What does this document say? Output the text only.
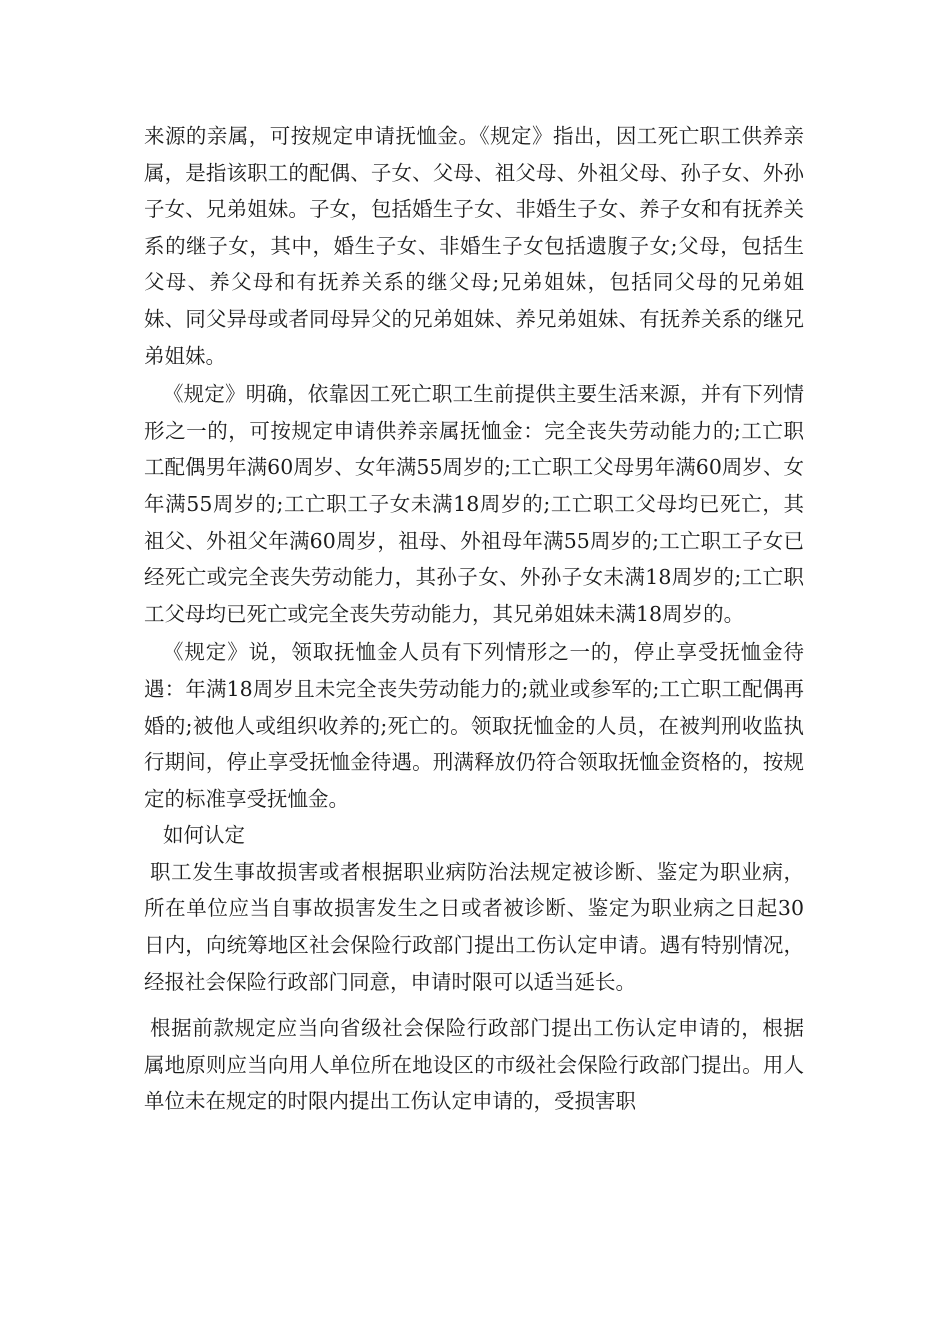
来源的亲属，可按规定申请抚恤金。《规定》指出，因工死亡职工供养亲属，是指该职工的配偶、子女、父母、祖父母、外祖父母、孙子女、外孙子女、兄弟姐妹。子女，包括婚生子女、非婚生子女、养子女和有抚养关系的继子女，其中，婚生子女、非婚生子女包括遗腹子女;父母，包括生父母、养父母和有抚养关系的继父母;兄弟姐妹，包括同父母的兄弟姐妹、同父异母或者同母异父的兄弟姐妹、养兄弟姐妹、有抚养关系的继兄弟姐妹。

《规定》明确，依靠因工死亡职工生前提供主要生活来源，并有下列情形之一的，可按规定申请供养亲属抚恤金：完全丧失劳动能力的;工亡职工配偶男年满60周岁、女年满55周岁的;工亡职工父母男年满60周岁、女年满55周岁的;工亡职工子女未满18周岁的;工亡职工父母均已死亡，其祖父、外祖父年满60周岁，祖母、外祖母年满55周岁的;工亡职工子女已经死亡或完全丧失劳动能力，其孙子女、外孙子女未满18周岁的;工亡职工父母均已死亡或完全丧失劳动能力，其兄弟姐妹未满18周岁的。

《规定》说，领取抚恤金人员有下列情形之一的，停止享受抚恤金待遇：年满18周岁且未完全丧失劳动能力的;就业或参军的;工亡职工配偶再婚的;被他人或组织收养的;死亡的。领取抚恤金的人员，在被判刑收监执行期间，停止享受抚恤金待遇。刑满释放仍符合领取抚恤金资格的，按规定的标准享受抚恤金。

如何认定

职工发生事故损害或者根据职业病防治法规定被诊断、鉴定为职业病，所在单位应当自事故损害发生之日或者被诊断、鉴定为职业病之日起30日内，向统筹地区社会保险行政部门提出工伤认定申请。遇有特别情况，经报社会保险行政部门同意，申请时限可以适当延长。

根据前款规定应当向省级社会保险行政部门提出工伤认定申请的，根据属地原则应当向用人单位所在地设区的市级社会保险行政部门提出。用人单位未在规定的时限内提出工伤认定申请的，受损害职
